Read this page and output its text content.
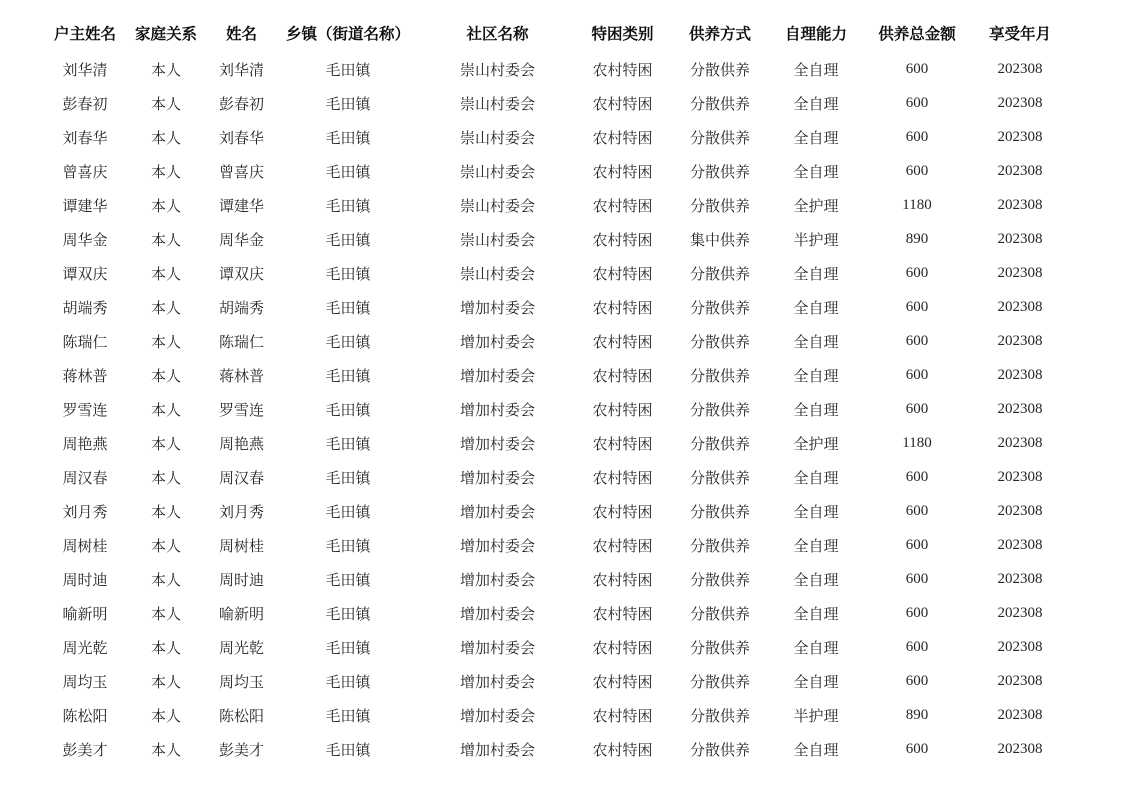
户主姓名	家庭关系	姓名	乡镇（街道名称）	社区名称	特困类别	供养方式	自理能力	供养总金额	享受年月
刘华清	本人	刘华清	毛田镇	崇山村委会	农村特困	分散供养	全自理	600	202308
彭春初	本人	彭春初	毛田镇	崇山村委会	农村特困	分散供养	全自理	600	202308
刘春华	本人	刘春华	毛田镇	崇山村委会	农村特困	分散供养	全自理	600	202308
曾喜庆	本人	曾喜庆	毛田镇	崇山村委会	农村特困	分散供养	全自理	600	202308
谭建华	本人	谭建华	毛田镇	崇山村委会	农村特困	分散供养	全护理	1180	202308
周华金	本人	周华金	毛田镇	崇山村委会	农村特困	集中供养	半护理	890	202308
谭双庆	本人	谭双庆	毛田镇	崇山村委会	农村特困	分散供养	全自理	600	202308
胡端秀	本人	胡端秀	毛田镇	增加村委会	农村特困	分散供养	全自理	600	202308
陈瑞仁	本人	陈瑞仁	毛田镇	增加村委会	农村特困	分散供养	全自理	600	202308
蒋林普	本人	蒋林普	毛田镇	增加村委会	农村特困	分散供养	全自理	600	202308
罗雪连	本人	罗雪连	毛田镇	增加村委会	农村特困	分散供养	全自理	600	202308
周艳燕	本人	周艳燕	毛田镇	增加村委会	农村特困	分散供养	全护理	1180	202308
周汉春	本人	周汉春	毛田镇	增加村委会	农村特困	分散供养	全自理	600	202308
刘月秀	本人	刘月秀	毛田镇	增加村委会	农村特困	分散供养	全自理	600	202308
周树桂	本人	周树桂	毛田镇	增加村委会	农村特困	分散供养	全自理	600	202308
周时迪	本人	周时迪	毛田镇	增加村委会	农村特困	分散供养	全自理	600	202308
喻新明	本人	喻新明	毛田镇	增加村委会	农村特困	分散供养	全自理	600	202308
周光乾	本人	周光乾	毛田镇	增加村委会	农村特困	分散供养	全自理	600	202308
周均玉	本人	周均玉	毛田镇	增加村委会	农村特困	分散供养	全自理	600	202308
陈松阳	本人	陈松阳	毛田镇	增加村委会	农村特困	分散供养	半护理	890	202308
彭美才	本人	彭美才	毛田镇	增加村委会	农村特困	分散供养	全自理	600	202308
